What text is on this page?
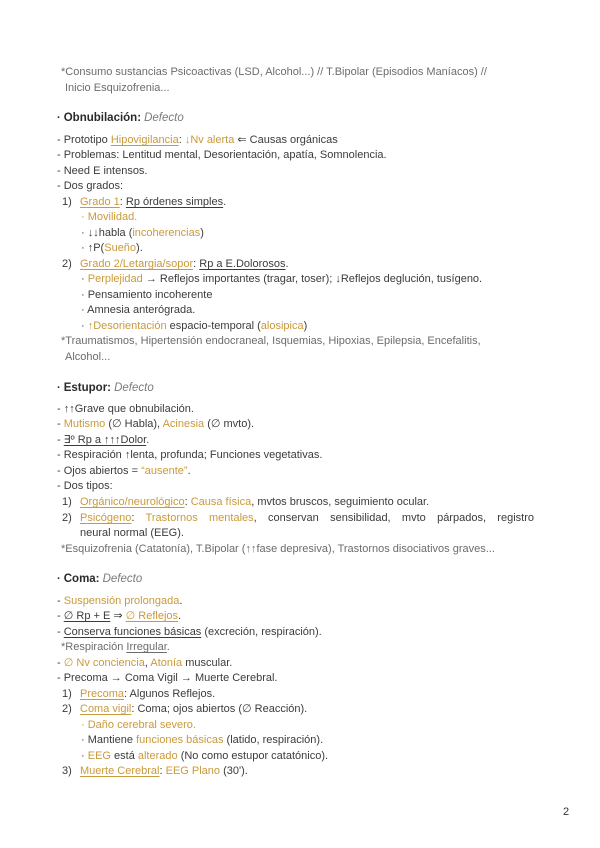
*Consumo sustancias Psicoactivas (LSD, Alcohol...) // T.Bipolar (Episodios Maníacos) //
Inicio Esquizofrenia...
· Obnubilación: Defecto
- Prototipo Hipovigilancia: ↓Nv alerta ⇐ Causas orgánicas
- Problemas: Lentitud mental, Desorientación, apatía, Somnolencia.
- Need E intensos.
- Dos grados:
1) Grado 1: Rp órdenes simples.
· Movilidad.
· ↓↓habla (incoherencias)
· ↑P(Sueño).
2) Grado 2/Letargia/sopor: Rp a E.Dolorosos.
· Perplejidad → Reflejos importantes (tragar, toser); ↓Reflejos deglución, tusígeno.
· Pensamiento incoherente
· Amnesia anterógrada.
· ↑Desorientación espacio-temporal (alosipica)
*Traumatismos, Hipertensión endocraneal, Isquemias, Hipoxias, Epilepsia, Encefalitis,
Alcohol...
· Estupor: Defecto
- ↑↑Grave que obnubilación.
- Mutismo (∅ Habla), Acinesia (∅ mvto).
- ∃º Rp a ↑↑↑Dolor.
- Respiración ↑lenta, profunda; Funciones vegetativas.
- Ojos abiertos = “ausente”.
- Dos tipos:
1) Orgánico/neurológico: Causa física, mvtos bruscos, seguimiento ocular.
2) Psicógeno: Trastornos mentales, conservan sensibilidad, mvto párpados, registro
neural normal (EEG).
*Esquizofrenia (Catatonía), T.Bipolar (↑↑fase depresiva), Trastornos disociativos graves...
· Coma: Defecto
- Suspensión prolongada.
- ∅ Rp + E ⇒ ∅ Reflejos.
- Conserva funciones básicas (excreción, respiración).
*Respiración Irregular.
- ∅ Nv conciencia, Atonía muscular.
- Precoma → Coma Vigil → Muerte Cerebral.
1) Precoma: Algunos Reflejos.
2) Coma vigil: Coma; ojos abiertos (∅ Reacción).
· Daño cerebral severo.
· Mantiene funciones básicas (latido, respiración).
· EEG está alterado (No como estupor catatónico).
3) Muerte Cerebral: EEG Plano (30').
2
